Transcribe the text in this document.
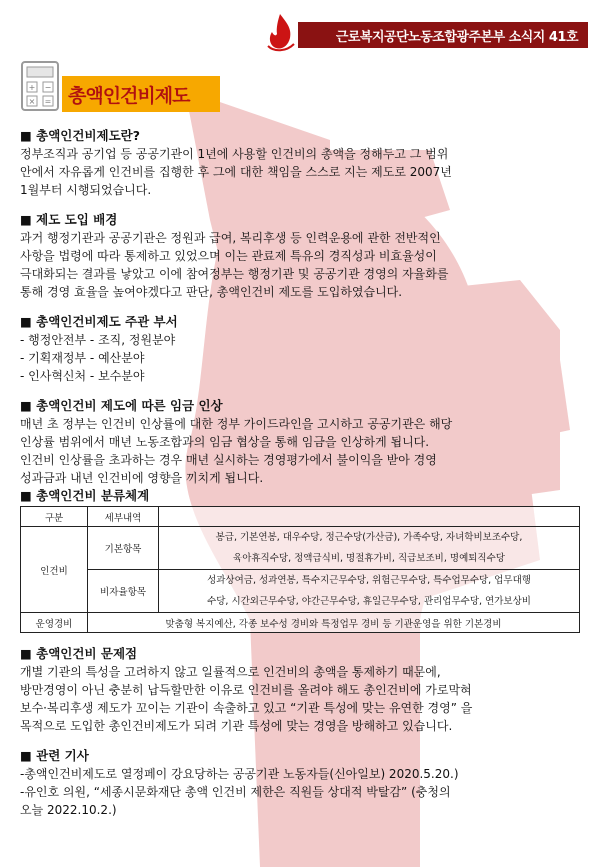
근로복지공단노동조합광주본부 소식지 41호
+ −
× = 총액인건비제도
■ 총액인건비제도란?
정부조직과 공기업 등 공공기관이 1년에 사용할 인건비의 총액을 정해두고 그 범위
안에서 자유롭게 인건비를 집행한 후 그에 대한 책임을 스스로 지는 제도로 2007년
1월부터 시행되었습니다.
■ 제도 도입 배경
과거 행정기관과 공공기관은 정원과 급여, 복리후생 등 인력운용에 관한 전반적인
사항을 법령에 따라 통제하고 있었으며 이는 관료제 특유의 경직성과 비효율성이
극대화되는 결과를 낳았고 이에 참여정부는 행정기관 및 공공기관 경영의 자율화를
통해 경영 효율을 높여야겠다고 판단, 총액인건비 제도를 도입하였습니다.
■ 총액인건비제도 주관 부서
- 행정안전부 - 조직, 정원분야
- 기획재정부 - 예산분야
- 인사혁신처 - 보수분야
■ 총액인건비 제도에 따른 임금 인상
매년 초 정부는 인건비 인상률에 대한 정부 가이드라인을 고시하고 공공기관은 해당
인상률 범위에서 매년 노동조합과의 임금 협상을 통해 임금을 인상하게 됩니다.
인건비 인상률을 초과하는 경우 매년 실시하는 경영평가에서 불이익을 받아 경영
성과금과 내년 인건비에 영향을 끼치게 됩니다.
■ 총액인건비 분류체계
구분	세부내역	
인건비	기본항목	봉급, 기본연봉, 대우수당, 정근수당(가산금), 가족수당, 자녀학비보조수당,
육아휴직수당, 정액급식비, 명절휴가비, 직급보조비, 명예퇴직수당

	비자율항목	성과상여금, 성과연봉, 특수지근무수당, 위험근무수당, 특수업무수당, 업무대행
수당, 시간외근무수당, 야간근무수당, 휴일근무수당, 관리업무수당, 연가보상비

운영경비	맞춤형 복지예산, 각종 보수성 경비와 특정업무 경비 등 기관운영을 위한 기본경비	
■ 총액인건비 문제점
개별 기관의 특성을 고려하지 않고 일률적으로 인건비의 총액을 통제하기 때문에,
방만경영이 아닌 충분히 납득할만한 이유로 인건비를 올려야 해도 총인건비에 가로막혀
보수·복리후생 제도가 꼬이는 기관이 속출하고 있고 “기관 특성에 맞는 유연한 경영” 을
목적으로 도입한 총인건비제도가 되려 기관 특성에 맞는 경영을 방해하고 있습니다.
■ 관련 기사
-총액인건비제도로 열정페이 강요당하는 공공기관 노동자들(신아일보) 2020.5.20.)
-유인호 의원, “세종시문화재단 총액 인건비 제한은 직원들 상대적 박탈감” (충청의
오늘 2022.10.2.)
